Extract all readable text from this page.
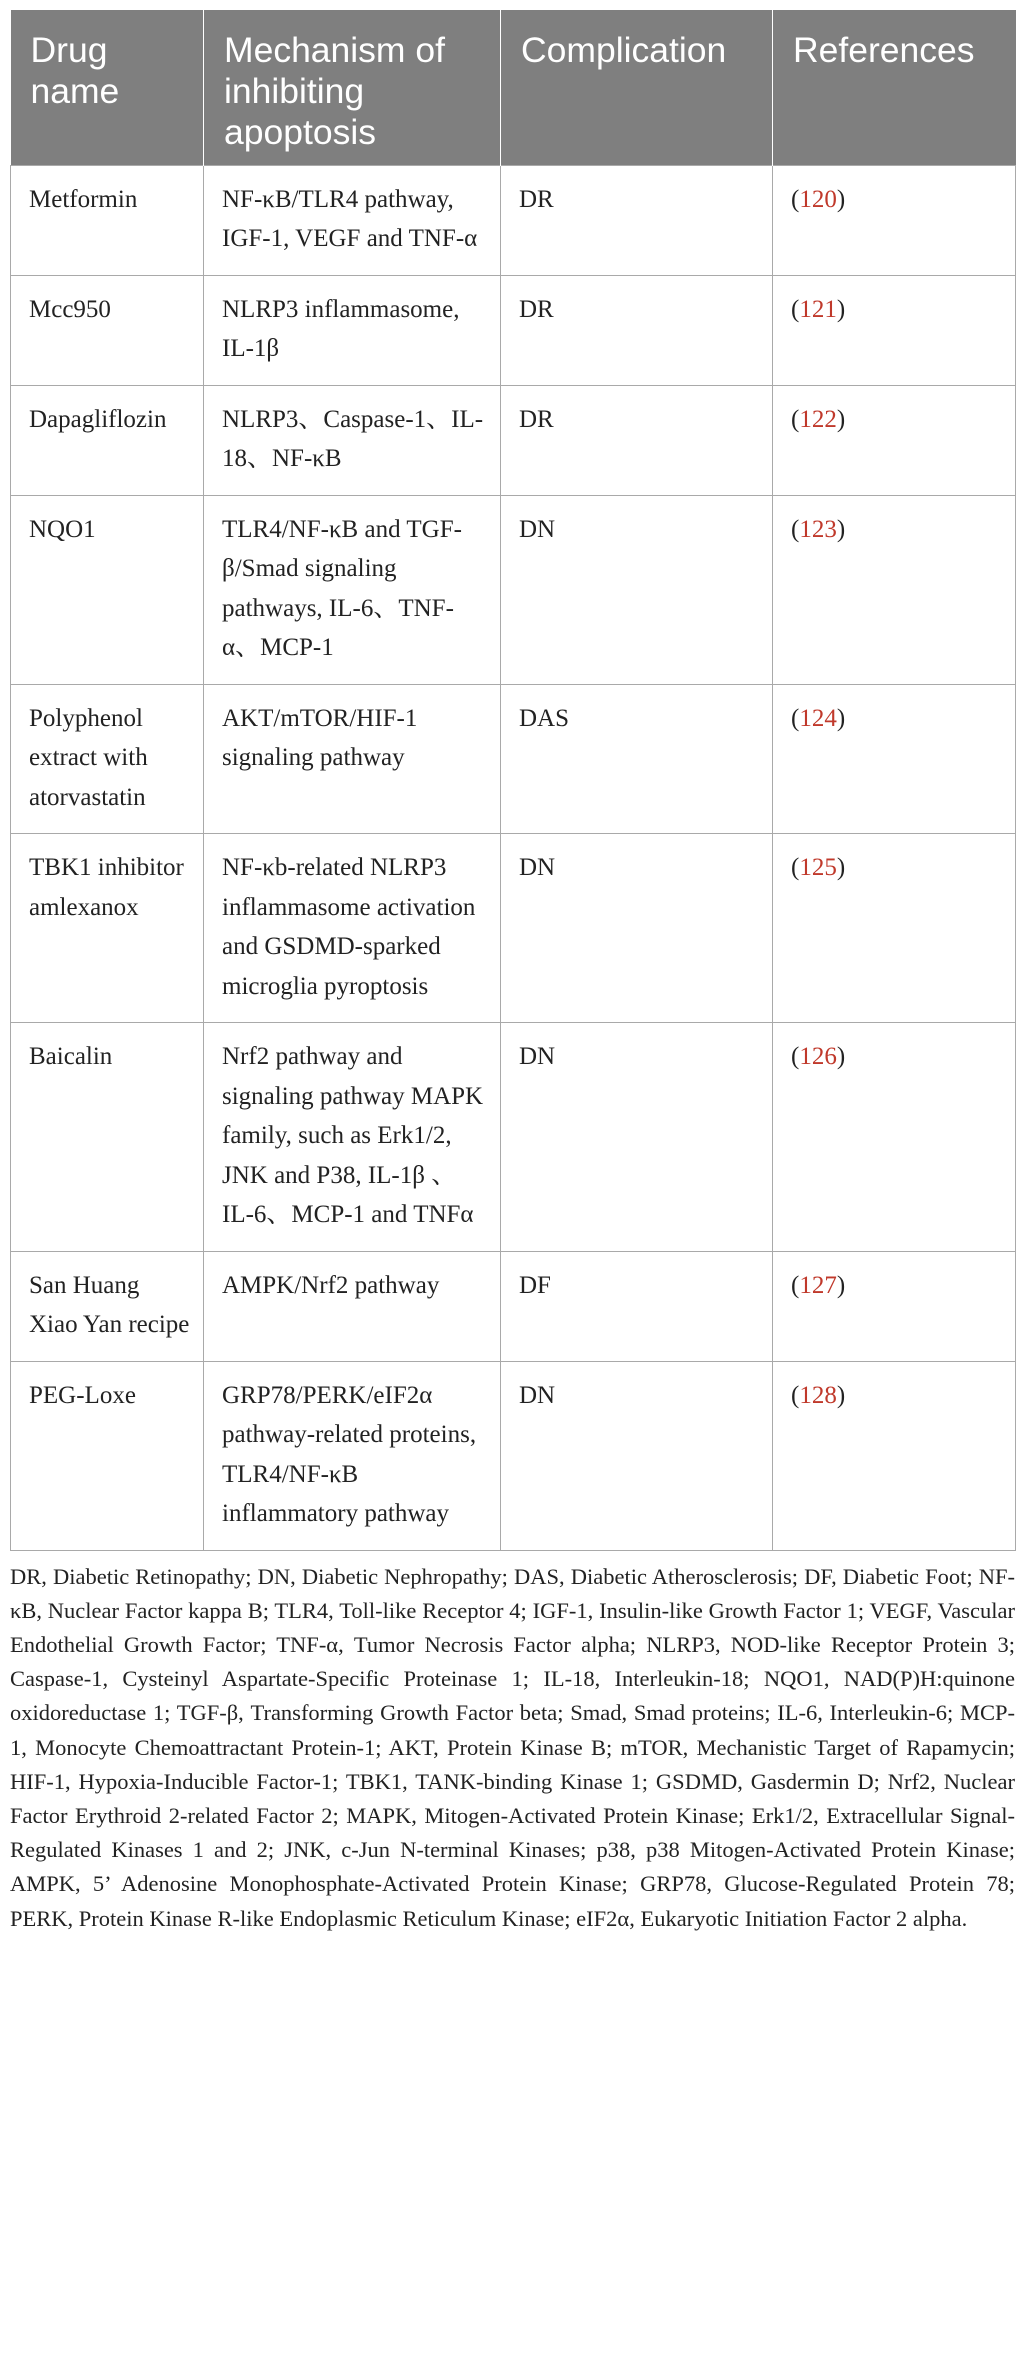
Drug name	Mechanism of inhibiting apoptosis	Complication	References
Metformin	NF-κB/TLR4 pathway, IGF-1, VEGF and TNF-α	DR	(120)
Mcc950	NLRP3 inflammasome, IL-1β	DR	(121)
Dapagliflozin	NLRP3、Caspase-1、IL-18、NF-κB	DR	(122)
NQO1	TLR4/NF-κB and TGF-β/Smad signaling pathways, IL-6、TNF-α、MCP-1	DN	(123)
Polyphenol extract with atorvastatin	AKT/mTOR/HIF-1 signaling pathway	DAS	(124)
TBK1 inhibitor amlexanox	NF-κb-related NLRP3 inflammasome activation and GSDMD-sparked microglia pyroptosis	DN	(125)
Baicalin	Nrf2 pathway and signaling pathway MAPK family, such as Erk1/2, JNK and P38, IL-1β 、IL-6、MCP-1 and TNFα	DN	(126)
San Huang Xiao Yan recipe	AMPK/Nrf2 pathway	DF	(127)
PEG-Loxe	GRP78/PERK/eIF2α pathway-related proteins, TLR4/NF-κB inflammatory pathway	DN	(128)

DR, Diabetic Retinopathy; DN, Diabetic Nephropathy; DAS, Diabetic Atherosclerosis; DF, Diabetic Foot; NF-κB, Nuclear Factor kappa B; TLR4, Toll-like Receptor 4; IGF-1, Insulin-like Growth Factor 1; VEGF, Vascular Endothelial Growth Factor; TNF-α, Tumor Necrosis Factor alpha; NLRP3, NOD-like Receptor Protein 3; Caspase-1, Cysteinyl Aspartate-Specific Proteinase 1; IL-18, Interleukin-18; NQO1, NAD(P)H:quinone oxidoreductase 1; TGF-β, Transforming Growth Factor beta; Smad, Smad proteins; IL-6, Interleukin-6; MCP-1, Monocyte Chemoattractant Protein-1; AKT, Protein Kinase B; mTOR, Mechanistic Target of Rapamycin; HIF-1, Hypoxia-Inducible Factor-1; TBK1, TANK-binding Kinase 1; GSDMD, Gasdermin D; Nrf2, Nuclear Factor Erythroid 2-related Factor 2; MAPK, Mitogen-Activated Protein Kinase; Erk1/2, Extracellular Signal-Regulated Kinases 1 and 2; JNK, c-Jun N-terminal Kinases; p38, p38 Mitogen-Activated Protein Kinase; AMPK, 5’ Adenosine Monophosphate-Activated Protein Kinase; GRP78, Glucose-Regulated Protein 78; PERK, Protein Kinase R-like Endoplasmic Reticulum Kinase; eIF2α, Eukaryotic Initiation Factor 2 alpha.
